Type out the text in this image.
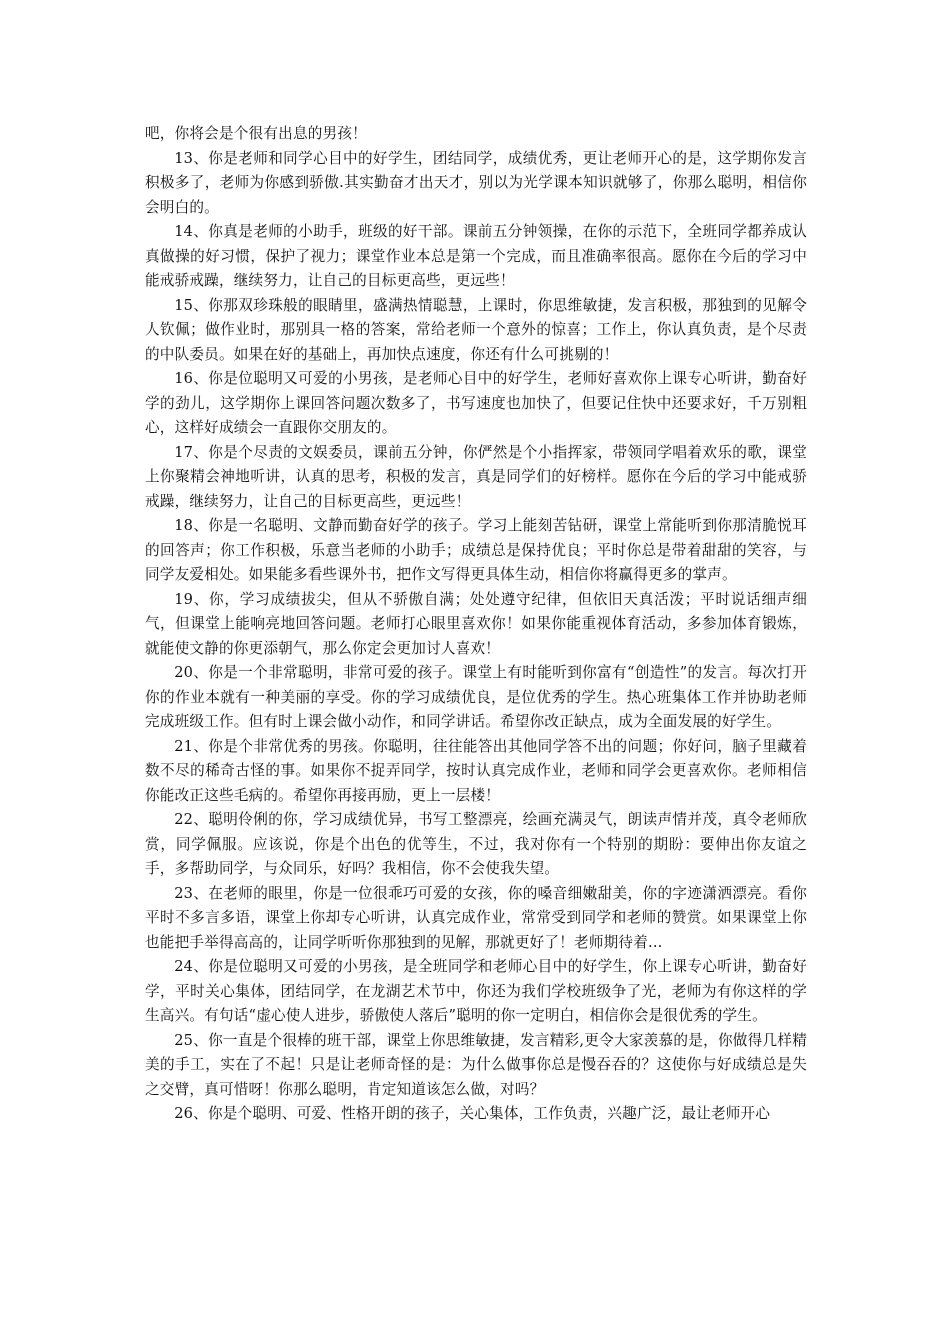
吧，你将会是个很有出息的男孩！

13、你是老师和同学心目中的好学生，团结同学，成绩优秀，更让老师开心的是，这学期你发言积极多了，老师为你感到骄傲.其实勤奋才出天才，别以为光学课本知识就够了，你那么聪明，相信你会明白的。

14、你真是老师的小助手，班级的好干部。课前五分钟领操，在你的示范下，全班同学都养成认真做操的好习惯，保护了视力；课堂作业本总是第一个完成，而且准确率很高。愿你在今后的学习中能戒骄戒躁，继续努力，让自己的目标更高些，更远些！

15、你那双珍珠般的眼睛里，盛满热情聪慧，上课时，你思维敏捷，发言积极，那独到的见解令人钦佩；做作业时，那别具一格的答案，常给老师一个意外的惊喜；工作上，你认真负责，是个尽责的中队委员。如果在好的基础上，再加快点速度，你还有什么可挑剔的！

16、你是位聪明又可爱的小男孩，是老师心目中的好学生，老师好喜欢你上课专心听讲，勤奋好学的劲儿，这学期你上课回答问题次数多了，书写速度也加快了，但要记住快中还要求好，千万别粗心，这样好成绩会一直跟你交朋友的。

17、你是个尽责的文娱委员，课前五分钟，你俨然是个小指挥家，带领同学唱着欢乐的歌，课堂上你聚精会神地听讲，认真的思考，积极的发言，真是同学们的好榜样。愿你在今后的学习中能戒骄戒躁，继续努力，让自己的目标更高些，更远些！

18、你是一名聪明、文静而勤奋好学的孩子。学习上能刻苦钻研，课堂上常能听到你那清脆悦耳的回答声；你工作积极，乐意当老师的小助手；成绩总是保持优良；平时你总是带着甜甜的笑容，与同学友爱相处。如果能多看些课外书，把作文写得更具体生动，相信你将赢得更多的掌声。

19、你，学习成绩拔尖，但从不骄傲自满；处处遵守纪律，但依旧天真活泼；平时说话细声细气，但课堂上能响亮地回答问题。老师打心眼里喜欢你！如果你能重视体育活动，多参加体育锻炼，就能使文静的你更添朝气，那么你定会更加讨人喜欢！

20、你是一个非常聪明，非常可爱的孩子。课堂上有时能听到你富有“创造性”的发言。每次打开你的作业本就有一种美丽的享受。你的学习成绩优良，是位优秀的学生。热心班集体工作并协助老师完成班级工作。但有时上课会做小动作，和同学讲话。希望你改正缺点，成为全面发展的好学生。

21、你是个非常优秀的男孩。你聪明，往往能答出其他同学答不出的问题；你好问，脑子里藏着数不尽的稀奇古怪的事。如果你不捉弄同学，按时认真完成作业，老师和同学会更喜欢你。老师相信你能改正这些毛病的。希望你再接再励，更上一层楼！

22、聪明伶俐的你，学习成绩优异，书写工整漂亮，绘画充满灵气，朗读声情并茂，真令老师欣赏，同学佩服。应该说，你是个出色的优等生，不过，我对你有一个特别的期盼：要伸出你友谊之手，多帮助同学，与众同乐，好吗？我相信，你不会使我失望。

23、在老师的眼里，你是一位很乖巧可爱的女孩，你的嗓音细嫩甜美，你的字迹潇洒漂亮。看你平时不多言多语，课堂上你却专心听讲，认真完成作业，常常受到同学和老师的赞赏。如果课堂上你也能把手举得高高的，让同学听听你那独到的见解，那就更好了！老师期待着...

24、你是位聪明又可爱的小男孩，是全班同学和老师心目中的好学生，你上课专心听讲，勤奋好学，平时关心集体，团结同学，在龙湖艺术节中，你还为我们学校班级争了光，老师为有你这样的学生高兴。有句话“虚心使人进步，骄傲使人落后”聪明的你一定明白，相信你会是很优秀的学生。

25、你一直是个很棒的班干部，课堂上你思维敏捷，发言精彩,更令大家羡慕的是，你做得几样精美的手工，实在了不起！只是让老师奇怪的是：为什么做事你总是慢吞吞的？这使你与好成绩总是失之交臂，真可惜呀！你那么聪明，肯定知道该怎么做，对吗？

26、你是个聪明、可爱、性格开朗的孩子，关心集体，工作负责，兴趣广泛，最让老师开心
